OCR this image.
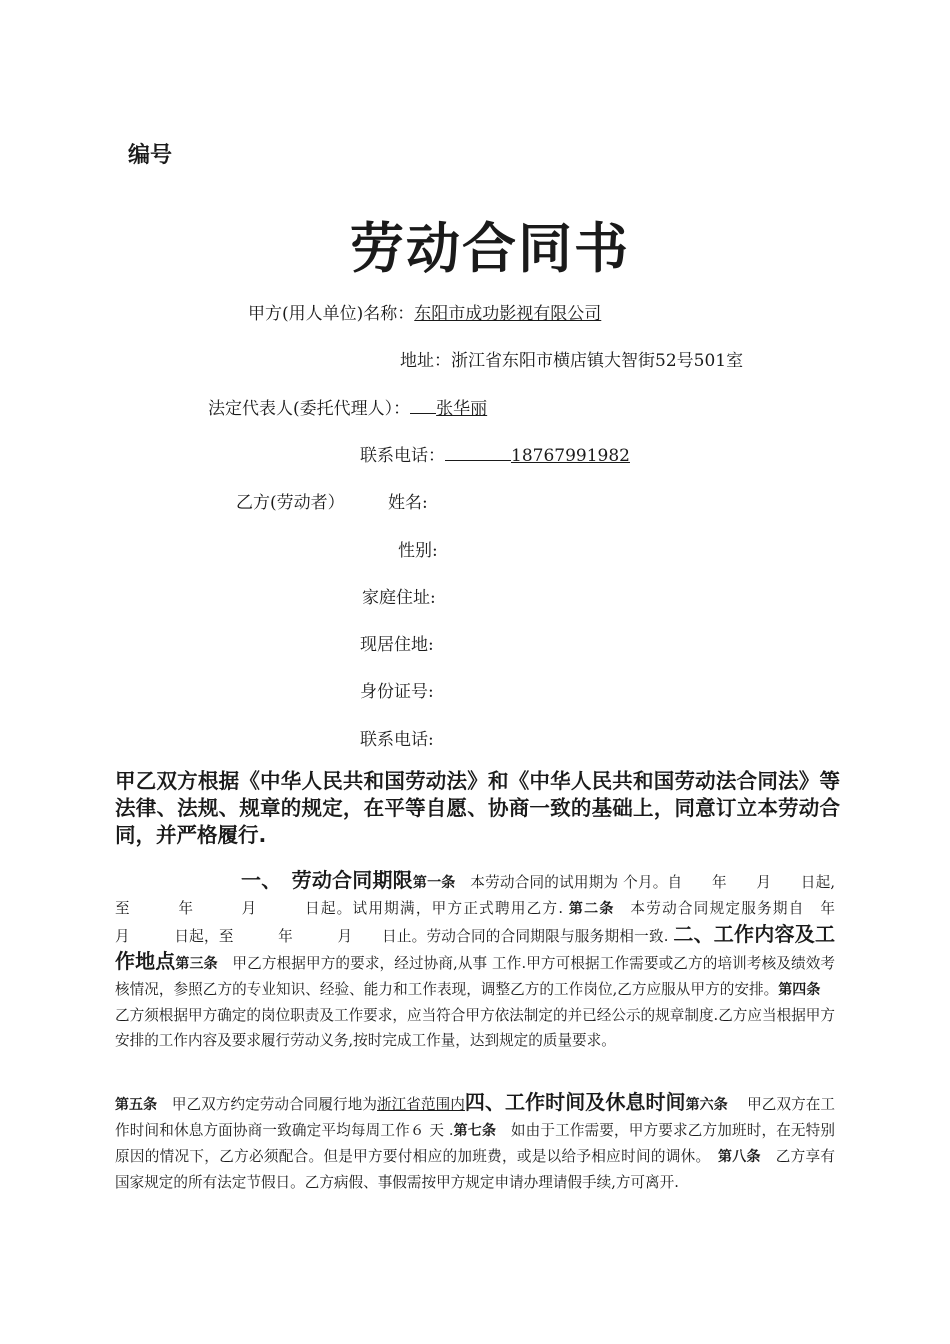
编号
劳动合同书
甲方(用人单位)名称：东阳市成功影视有限公司
地址：浙江省东阳市横店镇大智街52号501室
法定代表人(委托代理人）： 张华丽
联系电话：	18767991982
乙方(劳动者）	姓名:
性别:
家庭住址:
现居住地:
身份证号:
联系电话:
甲乙双方根据《中华人民共和国劳动法》和《中华人民共和国劳动法合同法》等法律、法规、规章的规定，在平等自愿、协商一致的基础上，同意订立本劳动合同，并严格履行.
一、　劳动合同期限第一条　本劳动合同的试用期为 个月。自　　年　　月　　日起,至　　　年　　　月　　　日起。试用期满，甲方正式聘用乙方. 第二条　本劳动合同规定服务期自　年　　　月　　　日起，至　　　年　　　月　　日止。劳动合同的合同期限与服务期相一致. 二、工作内容及工作地点第三条　甲乙方根据甲方的要求，经过协商,从事 工作.甲方可根据工作需要或乙方的培训考核及绩效考核情况，参照乙方的专业知识、经验、能力和工作表现，调整乙方的工作岗位,乙方应服从甲方的安排。第四条　乙方须根据甲方确定的岗位职责及工作要求，应当符合甲方依法制定的并已经公示的规章制度.乙方应当根据甲方安排的工作内容及要求履行劳动义务,按时完成工作量，达到规定的质量要求。
第五条　甲乙双方约定劳动合同履行地为浙江省范围内四、工作时间及休息时间第六条 　甲乙双方在工作时间和休息方面协商一致确定平均每周工作６ 天 .第七条　如由于工作需要，甲方要求乙方加班时，在无特别原因的情况下，乙方必须配合。但是甲方要付相应的加班费，或是以给予相应时间的调休。　 第八条　乙方享有国家规定的所有法定节假日。乙方病假、事假需按甲方规定申请办理请假手续,方可离开.
